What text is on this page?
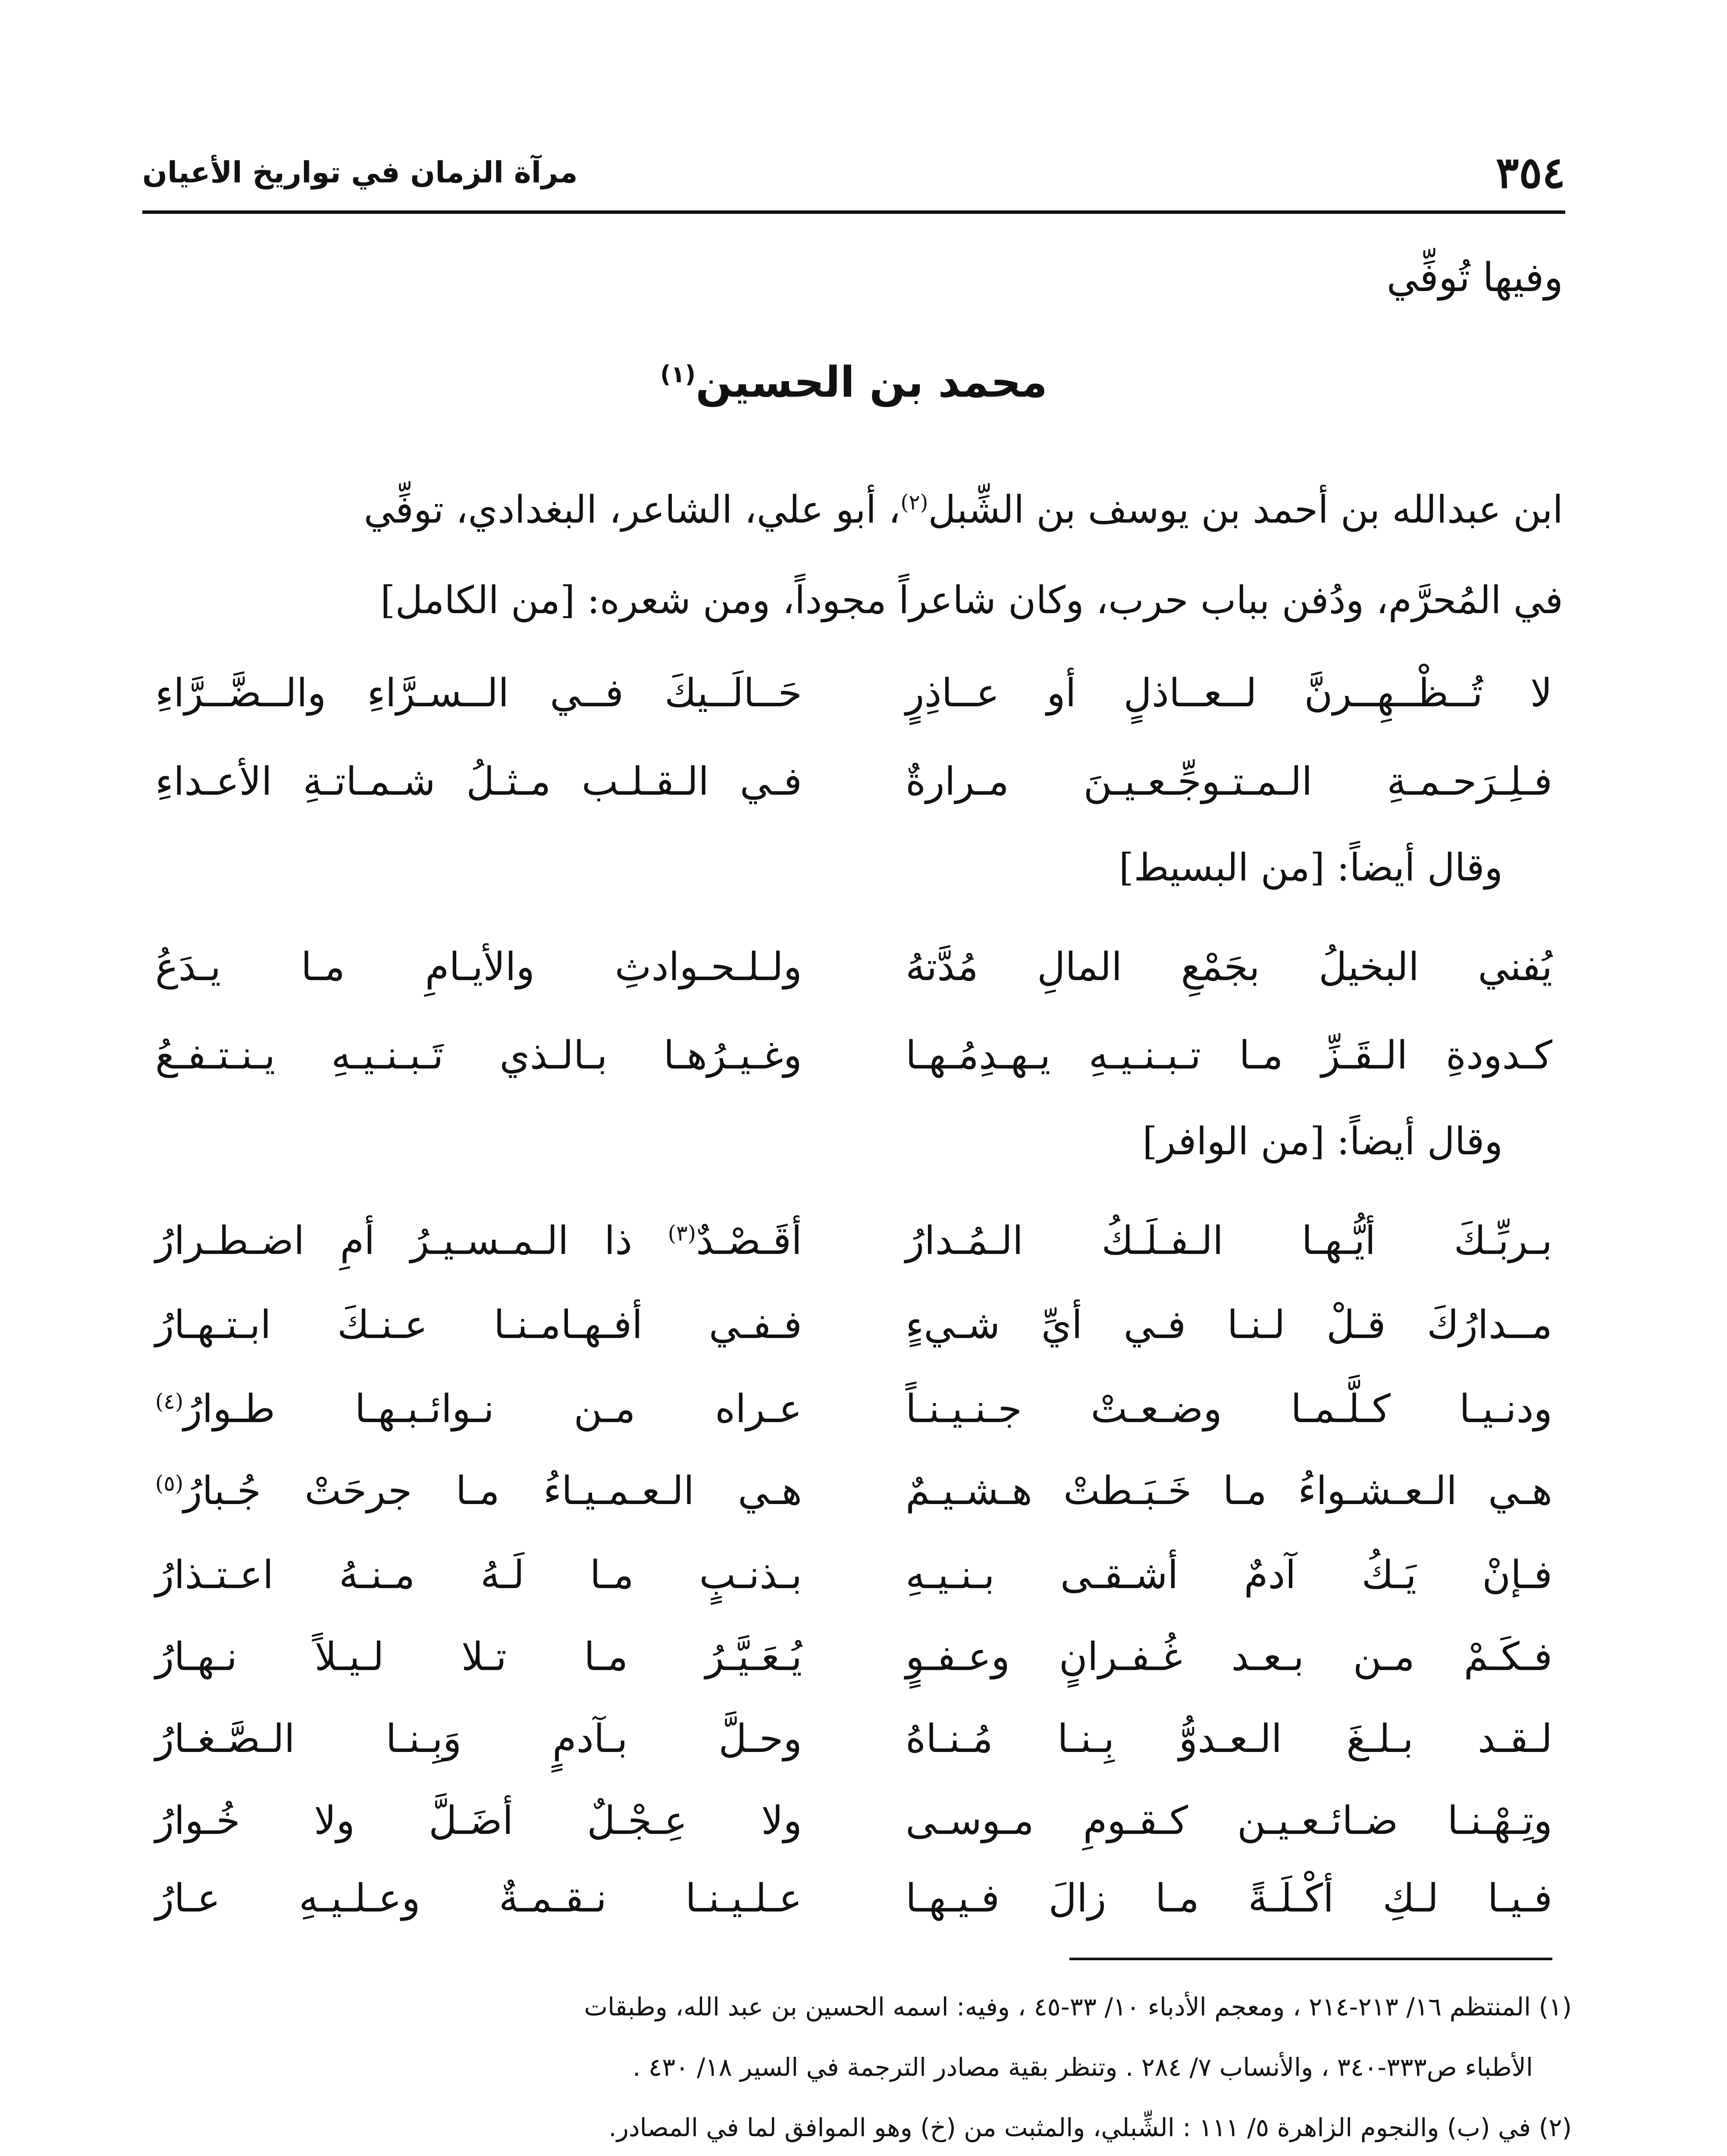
٣٥٤
مرآة الزمان في تواريخ الأعيان
وفيها تُوفِّي
محمد بن الحسين$^{(١)}$
ابن عبدالله بن أحمد بن يوسف بن الشِّبل$^{(٢)}$، أبو علي، الشاعر، البغدادي، توفِّي
في المُحرَّم، ودُفن بباب حرب، وكان شاعراً مجوداً، ومن شعره: [من الكامل]
لا تُــظْــهِــرنَّ لــعــاذلٍ أو عــاذِرٍ
حَــالَــيكَ فــي الــسـرَّاءِ والــضَّــرَّاءِ
فـلِـرَحـمـةِ الـمـتـوجِّـعـيـنَ مـرارةٌ
فـي الـقـلـب مـثـلُ شـمـاتـةِ الأعـداءِ
وقال أيضاً: [من البسيط]
يُفني البخيلُ بجَمْعِ المالِ مُدَّتهُ
ولـلـحـوادثِ والأيـامِ مـا يـدَعُ
كـدودةِ الـقَـزِّ مـا تـبـنـيـهِ يـهـدِمُـهـا
وغـيـرُهـا بـالـذي تَـبـنـيـهِ يـنـتـفـعُ
وقال أيضاً: [من الوافر]
بـربِّـكَ أيُّـهـا الـفـلَـكُ الـمُـدارُ
أقَـصْـدٌ$^{(٣)}$ ذا الـمـسـيـرُ أمِ اضـطـرارُ
مــدارُكَ قـلْ لـنـا فـي أيِّ شـيءٍ
فـفـي أفـهـامـنـا عـنـكَ ابـتـهـارُ
ودنـيـا كـلَّـمـا وضـعـتْ جـنـيـنـاً
عـراه مـن نـوائـبـهـا طـوارُ$^{(٤)}$
هـي الـعـشـواءُ مـا خَـبَـطتْ هـشـيـمٌ
هـي الـعـمـيـاءُ مـا جرحَتْ جُـبارُ$^{(٥)}$
فـإنْ يَـكُ آدمٌ أشـقـى بـنـيـهِ
بـذنـبٍ مـا لَـهُ مـنـهُ اعـتـذارُ
فـكَـمْ مـن بـعـد غُـفـرانٍ وعـفـوٍ
يُـعَـيَّـرُ مـا تـلا لـيـلاً نـهـارُ
لـقـد بـلـغَ الـعـدوُّ بِـنـا مُـنـاهُ
وحـلَّ بـآدمٍ وَبِـنـا الـصَّـغـارُ
وتِـهْـنـا ضـائـعـيـن كـقـومِ مـوسـى
ولا عِـجْـلٌ أضَـلَّ ولا خُـوارُ
فـيـا لـكِ أكْـلَـةً مـا زالَ فـيـهـا
عـلـيـنـا نـقـمـةٌ وعـلـيـهِ عـارُ
(١) المنتظم ١٦/ ٢١٣-٢١٤ ، ومعجم الأدباء ١٠/ ٣٣-٤٥ ، وفيه: اسمه الحسين بن عبد الله، وطبقات
الأطباء ص٣٣٣-٣٤٠ ، والأنساب ٧/ ٢٨٤ . وتنظر بقية مصادر الترجمة في السير ١٨/ ٤٣٠ .
(٢) في (ب) والنجوم الزاهرة ٥/ ١١١ : الشِّبلي، والمثبت من (خ) وهو الموافق لما في المصادر.
